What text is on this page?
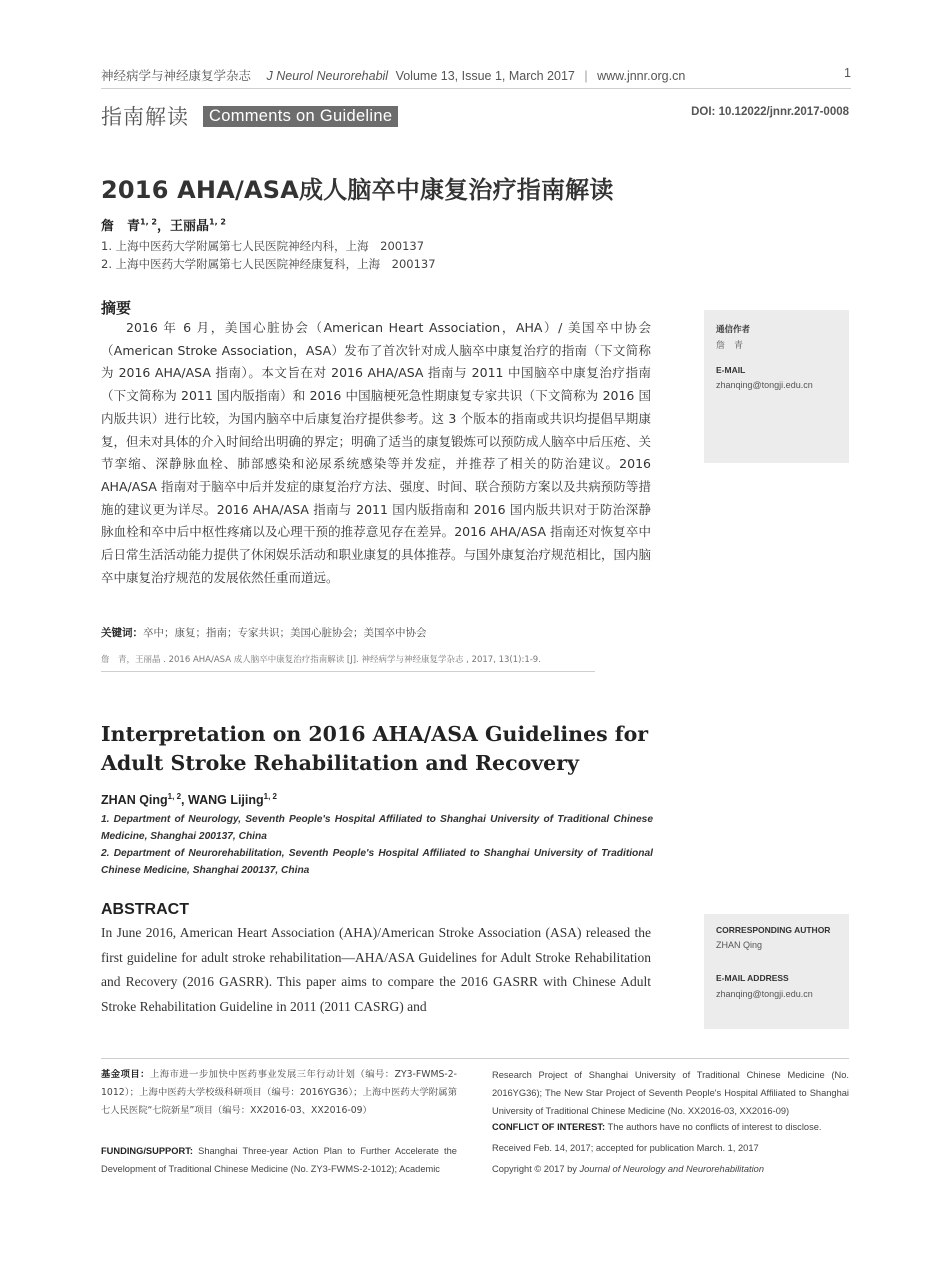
神经病学与神经康复学杂志 J Neurol Neurorehabil Volume 13, Issue 1, March 2017 | www.jnnr.org.cn	1
指南解读	Comments on Guideline	DOI: 10.12022/jnnr.2017-0008
2016 AHA/ASA成人脑卒中康复治疗指南解读
詹　青$^{1, 2}$，王丽晶$^{1, 2}$
1. 上海中医药大学附属第七人民医院神经内科，上海　200137
2. 上海中医药大学附属第七人民医院神经康复科，上海　200137
摘要
2016 年 6 月，美国心脏协会（American Heart Association，AHA）/ 美国卒中协会（American Stroke Association，ASA）发布了首次针对成人脑卒中康复治疗的指南（下文简称为 2016 AHA/ASA 指南）。本文旨在对 2016 AHA/ASA 指南与 2011 中国脑卒中康复治疗指南（下文简称为 2011 国内版指南）和 2016 中国脑梗死急性期康复专家共识（下文简称为 2016 国内版共识）进行比较，为国内脑卒中后康复治疗提供参考。这 3 个版本的指南或共识均提倡早期康复，但未对具体的介入时间给出明确的界定；明确了适当的康复锻炼可以预防成人脑卒中后压疮、关节挛缩、深静脉血栓、肺部感染和泌尿系统感染等并发症，并推荐了相关的防治建议。2016 AHA/ASA 指南对于脑卒中后并发症的康复治疗方法、强度、时间、联合预防方案以及共病预防等措施的建议更为详尽。2016 AHA/ASA 指南与 2011 国内版指南和 2016 国内版共识对于防治深静脉血栓和卒中后中枢性疼痛以及心理干预的推荐意见存在差异。2016 AHA/ASA 指南还对恢复卒中后日常生活活动能力提供了休闲娱乐活动和职业康复的具体推荐。与国外康复治疗规范相比，国内脑卒中康复治疗规范的发展依然任重而道远。
关键词：卒中；康复；指南；专家共识；美国心脏协会；美国卒中协会
詹　青，王丽晶 . 2016 AHA/ASA 成人脑卒中康复治疗指南解读 [J]. 神经病学与神经康复学杂志 , 2017, 13(1):1-9.
通信作者
詹　青
E-MAIL
zhanqing@tongji.edu.cn
Interpretation on 2016 AHA/ASA Guidelines for Adult Stroke Rehabilitation and Recovery
ZHAN Qing$^{1, 2}$, WANG Lijing$^{1, 2}$
1. Department of Neurology, Seventh People's Hospital Affiliated to Shanghai University of Traditional Chinese Medicine, Shanghai 200137, China
2. Department of Neurorehabilitation, Seventh People's Hospital Affiliated to Shanghai University of Traditional Chinese Medicine, Shanghai 200137, China
ABSTRACT
In June 2016, American Heart Association (AHA)/American Stroke Association (ASA) released the first guideline for adult stroke rehabilitation—AHA/ASA Guidelines for Adult Stroke Rehabilitation and Recovery (2016 GASRR). This paper aims to compare the 2016 GASRR with Chinese Adult Stroke Rehabilitation Guideline in 2011 (2011 CASRG) and
CORRESPONDING AUTHOR
ZHAN Qing
E-MAIL ADDRESS
zhanqing@tongji.edu.cn
基金项目：上海市进一步加快中医药事业发展三年行动计划（编号：ZY3-FWMS-2-1012）；上海中医药大学校级科研项目（编号：2016YG36）；上海中医药大学附属第七人民医院“七院新星”项目（编号：XX2016-03、XX2016-09）
FUNDING/SUPPORT: Shanghai Three-year Action Plan to Further Accelerate the Development of Traditional Chinese Medicine (No. ZY3-FWMS-2-1012); Academic
Research Project of Shanghai University of Traditional Chinese Medicine (No. 2016YG36); The New Star Project of Seventh People's Hospital Affiliated to Shanghai University of Traditional Chinese Medicine (No. XX2016-03, XX2016-09)
CONFLICT OF INTEREST: The authors have no conflicts of interest to disclose.
Received Feb. 14, 2017; accepted for publication March. 1, 2017
Copyright © 2017 by Journal of Neurology and Neurorehabilitation
